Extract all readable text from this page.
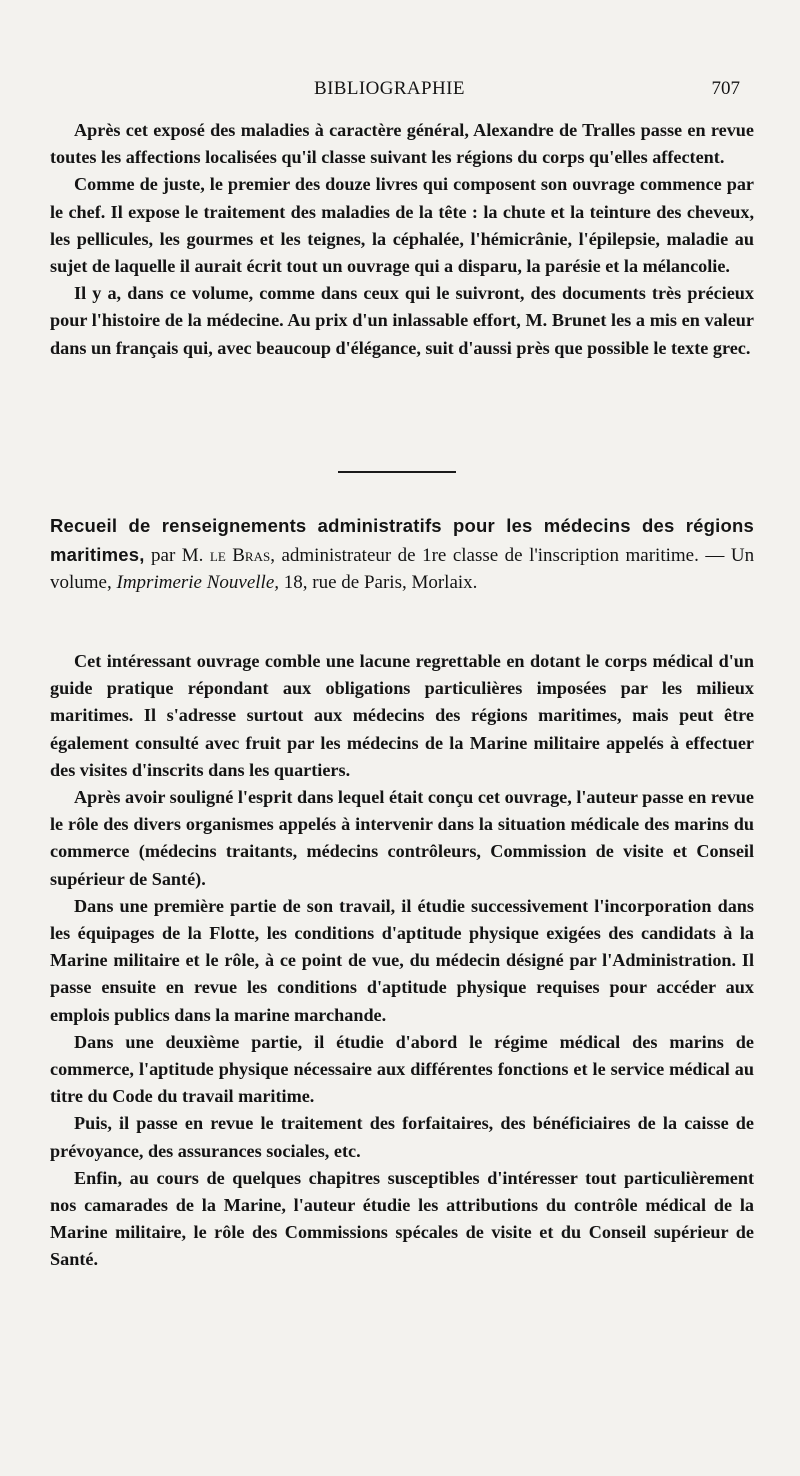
BIBLIOGRAPHIE	707

Après cet exposé des maladies à caractère général, Alexandre de Tralles passe en revue toutes les affections localisées qu'il classe suivant les régions du corps qu'elles affectent.

Comme de juste, le premier des douze livres qui composent son ouvrage commence par le chef. Il expose le traitement des maladies de la tête : la chute et la teinture des cheveux, les pellicules, les gourmes et les teignes, la céphalée, l'hémicrânie, l'épilepsie, maladie au sujet de laquelle il aurait écrit tout un ouvrage qui a disparu, la parésie et la mélancolie.

Il y a, dans ce volume, comme dans ceux qui le suivront, des documents très précieux pour l'histoire de la médecine. Au prix d'un inlassable effort, M. Brunet les a mis en valeur dans un français qui, avec beaucoup d'élégance, suit d'aussi près que possible le texte grec.

Recueil de renseignements administratifs pour les médecins des régions maritimes, par M. le Bras, administrateur de 1re classe de l'inscription maritime. — Un volume, Imprimerie Nouvelle, 18, rue de Paris, Morlaix.

Cet intéressant ouvrage comble une lacune regrettable en dotant le corps médical d'un guide pratique répondant aux obligations particulières imposées par les milieux maritimes. Il s'adresse surtout aux médecins des régions maritimes, mais peut être également consulté avec fruit par les médecins de la Marine militaire appelés à effectuer des visites d'inscrits dans les quartiers.

Après avoir souligné l'esprit dans lequel était conçu cet ouvrage, l'auteur passe en revue le rôle des divers organismes appelés à intervenir dans la situation médicale des marins du commerce (médecins traitants, médecins contrôleurs, Commission de visite et Conseil supérieur de Santé).

Dans une première partie de son travail, il étudie successivement l'incorporation dans les équipages de la Flotte, les conditions d'aptitude physique exigées des candidats à la Marine militaire et le rôle, à ce point de vue, du médecin désigné par l'Administration. Il passe ensuite en revue les conditions d'aptitude physique requises pour accéder aux emplois publics dans la marine marchande.

Dans une deuxième partie, il étudie d'abord le régime médical des marins de commerce, l'aptitude physique nécessaire aux différentes fonctions et le service médical au titre du Code du travail maritime.

Puis, il passe en revue le traitement des forfaitaires, des bénéficiaires de la caisse de prévoyance, des assurances sociales, etc.

Enfin, au cours de quelques chapitres susceptibles d'intéresser tout particulièrement nos camarades de la Marine, l'auteur étudie les attributions du contrôle médical de la Marine militaire, le rôle des Commissions spécales de visite et du Conseil supérieur de Santé.
